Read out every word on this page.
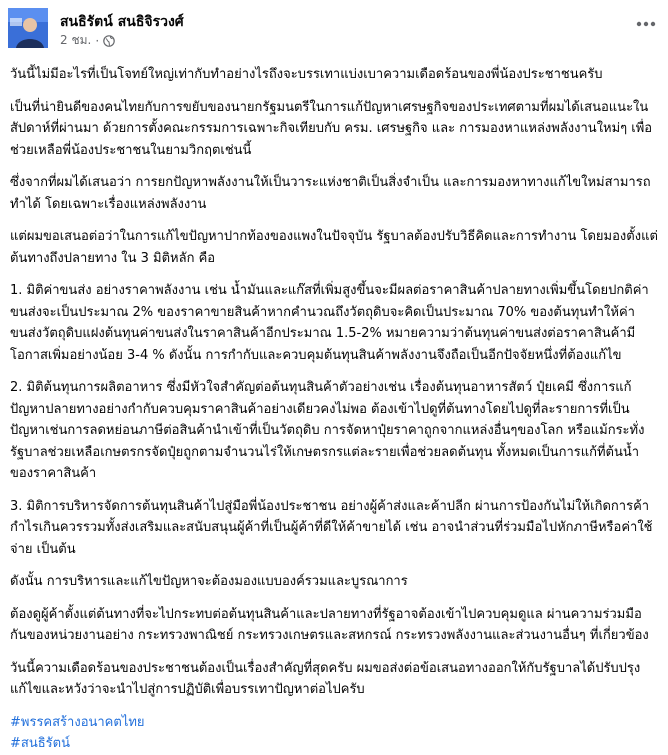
สนธิรัตน์ สนธิจิรวงศ์
2 ชม. ·

วันนี้ไม่มีอะไรที่เป็นโจทย์ใหญ่เท่ากับทำอย่างไรถึงจะบรรเทาแบ่งเบาความเดือดร้อนของพี่น้องประชาชนครับ

เป็นที่น่ายินดีของคนไทยกับการขยับของนายกรัฐมนตรีในการแก้ปัญหาเศรษฐกิจของประเทศตามที่ผมได้เสนอแนะในสัปดาห์ที่ผ่านมา ด้วยการตั้งคณะกรรมการเฉพาะกิจเทียบกับ ครม. เศรษฐกิจ และ การมองหาแหล่งพลังงานใหม่ๆ เพื่อช่วยเหลือพี่น้องประชาชนในยามวิกฤตเช่นนี้

ซึ่งจากที่ผมได้เสนอว่า การยกปัญหาพลังงานให้เป็นวาระแห่งชาติเป็นสิ่งจำเป็น และการมองหาทางแก้ไขใหม่สามารถทำได้ โดยเฉพาะเรื่องแหล่งพลังงาน

แต่ผมขอเสนอต่อว่าในการแก้ไขปัญหาปากท้องของแพงในปัจจุบัน รัฐบาลต้องปรับวิธีคิดและการทำงาน โดยมองตั้งแต่ต้นทางถึงปลายทาง ใน 3 มิติหลัก คือ

1. มิติค่าขนส่ง อย่างราคาพลังงาน เช่น น้ำมันและแก๊สที่เพิ่มสูงขึ้นจะมีผลต่อราคาสินค้าปลายทางเพิ่มขึ้นโดยปกติค่าขนส่งจะเป็นประมาณ 2% ของราคาขายสินค้าหากคำนวณถึงวัตถุดิบจะคิดเป็นประมาณ 70% ของต้นทุนทำให้ค่าขนส่งวัตถุดิบแฝงต้นทุนค่าขนส่งในราคาสินค้าอีกประมาณ 1.5-2% หมายความว่าต้นทุนค่าขนส่งต่อราคาสินค้ามีโอกาสเพิ่มอย่างน้อย 3-4 % ดังนั้น การกำกับและควบคุมต้นทุนสินค้าพลังงานจึงถือเป็นอีกปัจจัยหนึ่งที่ต้องแก้ไข

2. มิติต้นทุนการผลิตอาหาร ซึ่งมีหัวใจสำคัญต่อต้นทุนสินค้าตัวอย่างเช่น เรื่องต้นทุนอาหารสัตว์ ปุ๋ยเคมี ซึ่งการแก้ปัญหาปลายทางอย่างกำกับควบคุมราคาสินค้าอย่างเดียวคงไม่พอ ต้องเข้าไปดูที่ต้นทางโดยไปดูที่ละรายการที่เป็นปัญหาเช่นการลดหย่อนภาษีต่อสินค้านำเข้าที่เป็นวัตถุดิบ การจัดหาปุ๋ยราคาถูกจากแหล่งอื่นๆของโลก หรือแม้กระทั่งรัฐบาลช่วยเหลือเกษตรกรจัดปุ๋ยถูกตามจำนวนไร่ให้เกษตรกรแต่ละรายเพื่อช่วยลดต้นทุน ทั้งหมดเป็นการแก้ที่ต้นน้ำของราคาสินค้า

3. มิติการบริหารจัดการต้นทุนสินค้าไปสู่มือพี่น้องประชาชน อย่างผู้ค้าส่งและค้าปลีก ผ่านการป้องกันไม่ให้เกิดการค้ากำไรเกินควรรวมทั้งส่งเสริมและสนับสนุนผู้ค้าที่เป็นผู้ค้าที่ดีให้ค้าขายได้ เช่น อาจนำส่วนที่ร่วมมือไปหักภาษีหรือค่าใช้จ่าย เป็นต้น

ดังนั้น การบริหารและแก้ไขปัญหาจะต้องมองแบบองค์รวมและบูรณาการ

ต้องดูผู้ค้าตั้งแต่ต้นทางที่จะไปกระทบต่อต้นทุนสินค้าและปลายทางที่รัฐอาจต้องเข้าไปควบคุมดูแล ผ่านความร่วมมือกันของหน่วยงานอย่าง กระทรวงพาณิชย์ กระทรวงเกษตรและสหกรณ์ กระทรวงพลังงานและส่วนงานอื่นๆ ที่เกี่ยวข้อง

วันนี้ความเดือดร้อนของประชาชนต้องเป็นเรื่องสำคัญที่สุดครับ ผมขอส่งต่อข้อเสนอทางออกให้กับรัฐบาลได้ปรับปรุงแก้ไขและหวังว่าจะนำไปสู่การปฏิบัติเพื่อบรรเทาปัญหาต่อไปครับ

#พรรคสร้างอนาคตไทย
#สนธิรัตน์
